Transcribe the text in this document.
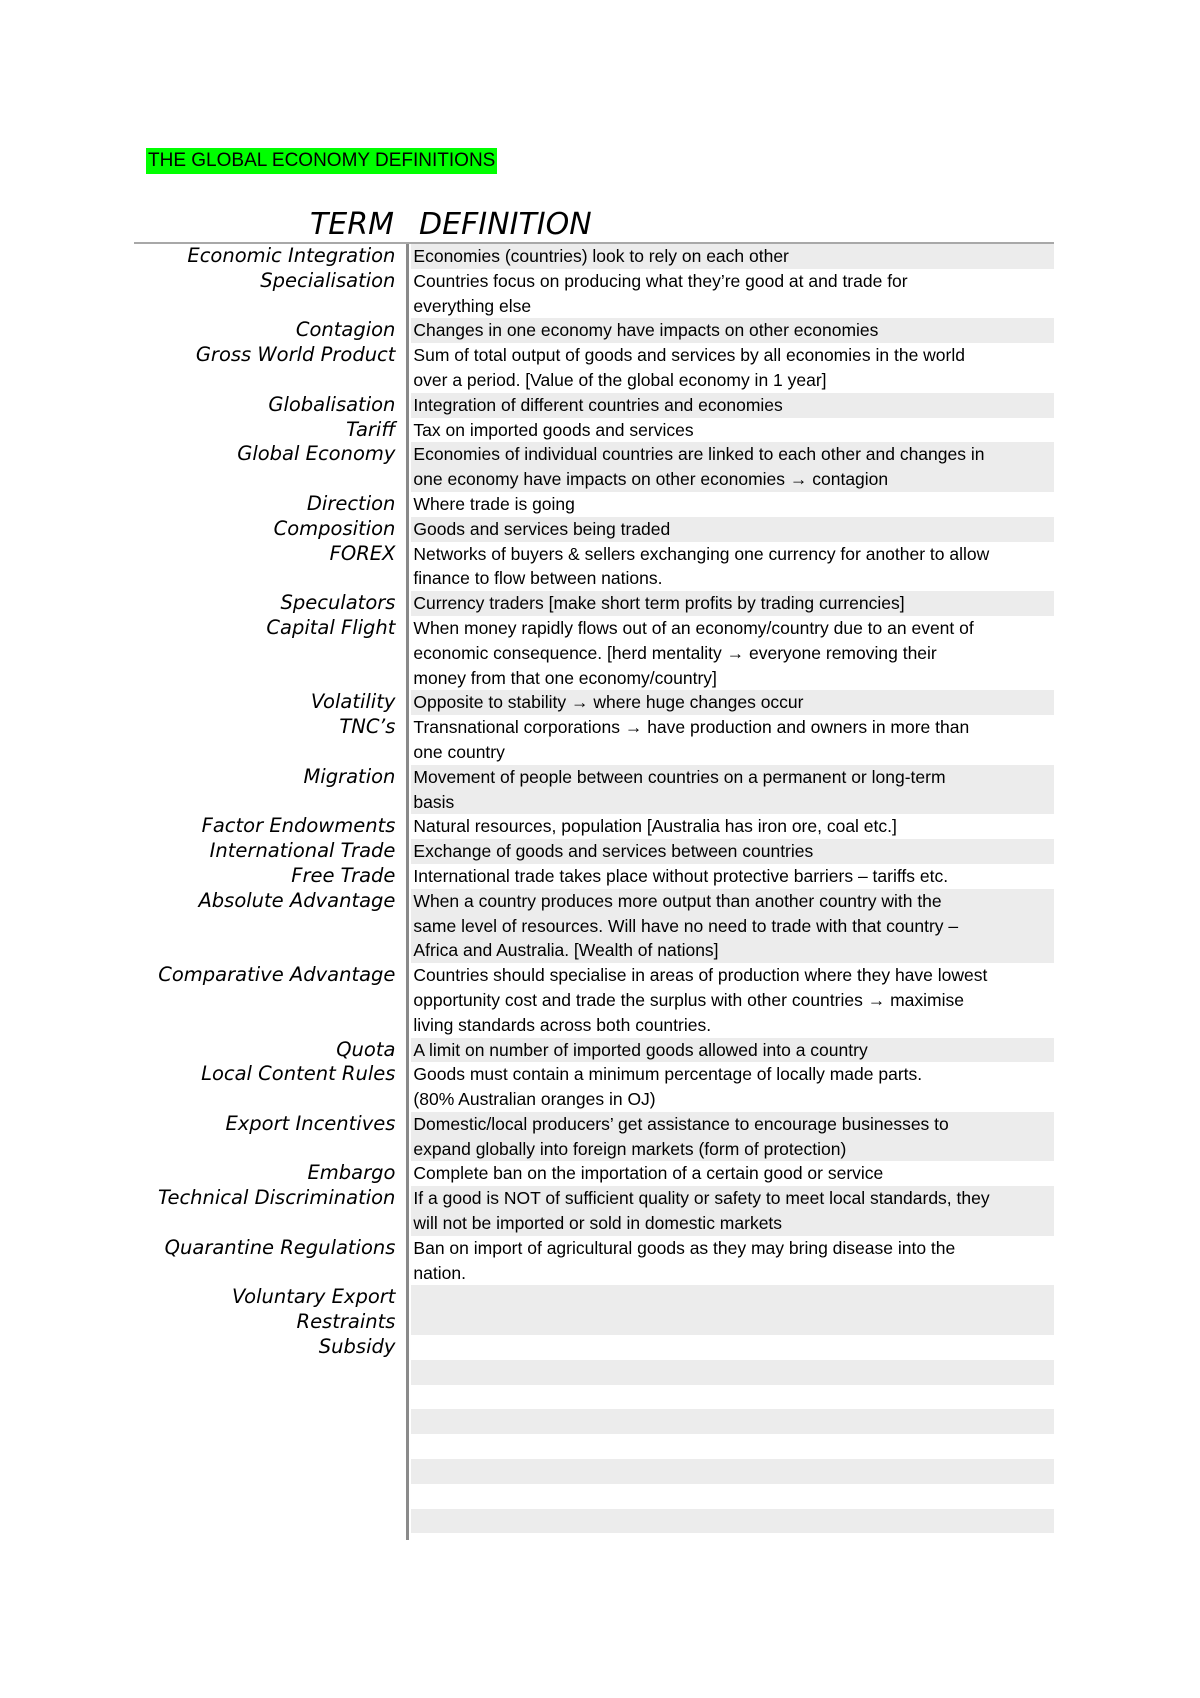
THE GLOBAL ECONOMY DEFINITIONS
TERM DEFINITION
Economic Integration Economies (countries) look to rely on each other
Specialisation Countries focus on producing what they’re good at and trade for
everything else
Contagion Changes in one economy have impacts on other economies
Gross World Product Sum of total output of goods and services by all economies in the world
over a period. [Value of the global economy in 1 year]
Globalisation Integration of different countries and economies
Tariff Tax on imported goods and services
Global Economy Economies of individual countries are linked to each other and changes in
one economy have impacts on other economies → contagion
Direction Where trade is going
Composition Goods and services being traded
FOREX Networks of buyers & sellers exchanging one currency for another to allow
finance to flow between nations.
Speculators Currency traders [make short term profits by trading currencies]
Capital Flight When money rapidly flows out of an economy/country due to an event of
economic consequence. [herd mentality → everyone removing their
money from that one economy/country]
Volatility Opposite to stability → where huge changes occur
TNC’s Transnational corporations → have production and owners in more than
one country
Migration Movement of people between countries on a permanent or long-term
basis
Factor Endowments Natural resources, population [Australia has iron ore, coal etc.]
International Trade Exchange of goods and services between countries
Free Trade International trade takes place without protective barriers – tariffs etc.
Absolute Advantage When a country produces more output than another country with the
same level of resources. Will have no need to trade with that country –
Africa and Australia. [Wealth of nations]
Comparative Advantage Countries should specialise in areas of production where they have lowest
opportunity cost and trade the surplus with other countries → maximise
living standards across both countries.
Quota A limit on number of imported goods allowed into a country
Local Content Rules Goods must contain a minimum percentage of locally made parts.
(80% Australian oranges in OJ)
Export Incentives Domestic/local producers’ get assistance to encourage businesses to
expand globally into foreign markets (form of protection)
Embargo Complete ban on the importation of a certain good or service
Technical Discrimination If a good is NOT of sufficient quality or safety to meet local standards, they
will not be imported or sold in domestic markets
Quarantine Regulations Ban on import of agricultural goods as they may bring disease into the
nation.
Voluntary Export
Restraints

Subsidy
